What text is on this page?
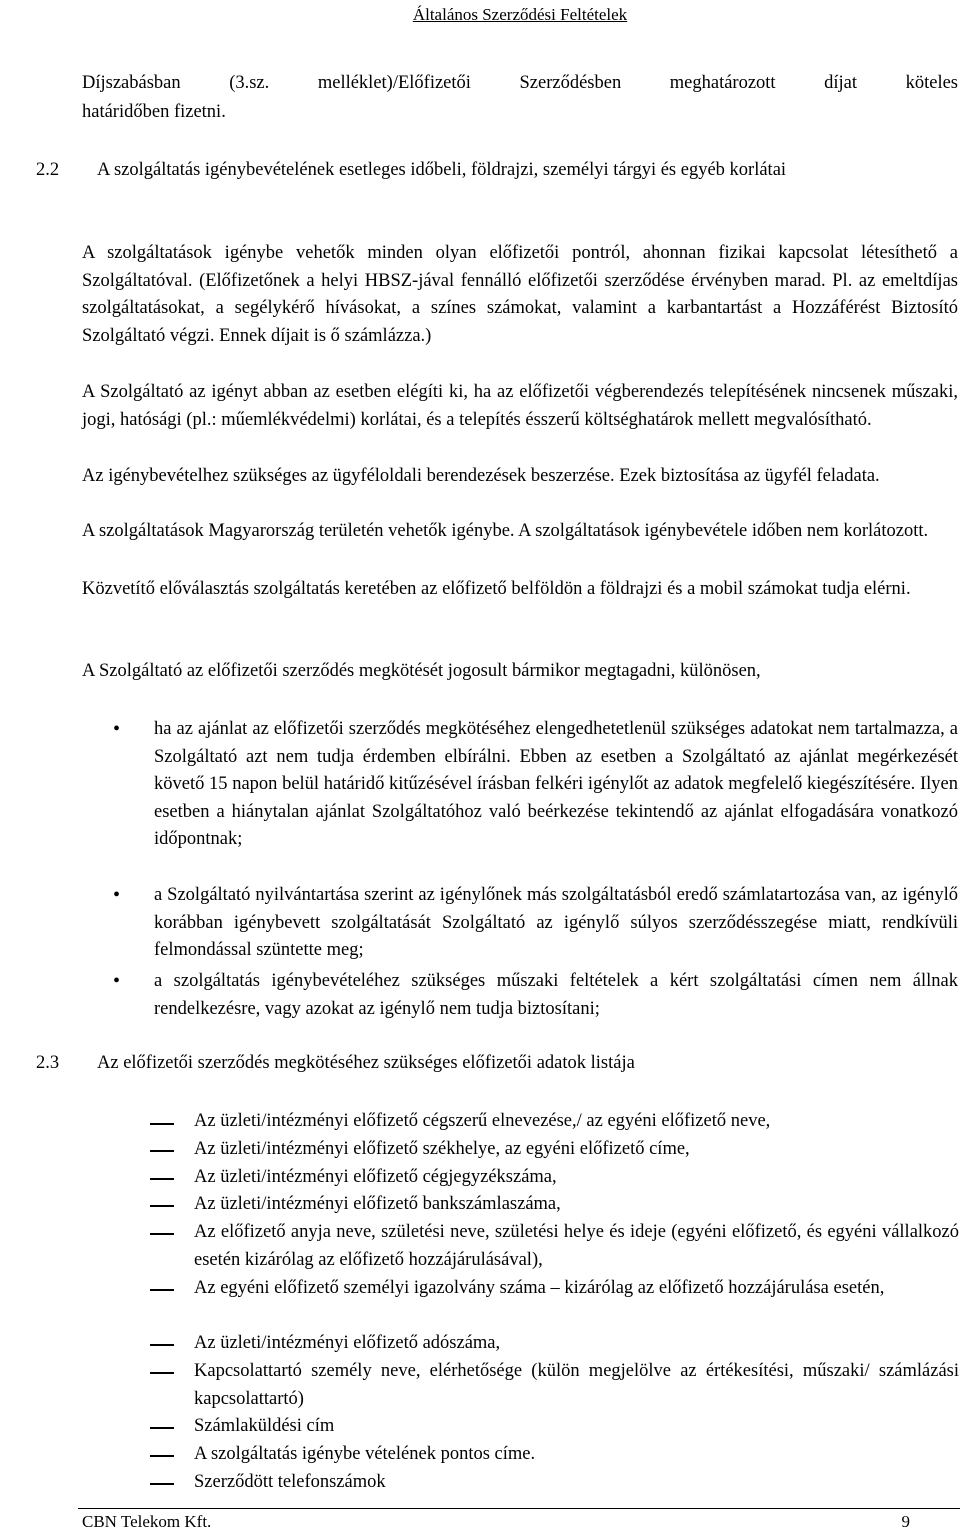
Általános Szerződési Feltételek
Díjszabásban (3.sz. melléklet)/Előfizetői Szerződésben meghatározott díjat köteles
határidőben fizetni.
2.2 A szolgáltatás igénybevételének esetleges időbeli, földrajzi, személyi tárgyi és egyéb korlátai
A szolgáltatások igénybe vehetők minden olyan előfizetői pontról, ahonnan fizikai kapcsolat létesíthető a Szolgáltatóval. (Előfizetőnek a helyi HBSZ-jával fennálló előfizetői szerződése érvényben marad. Pl. az emeltdíjas szolgáltatásokat, a segélykérő hívásokat, a színes számokat, valamint a karbantartást a Hozzáférést Biztosító Szolgáltató végzi. Ennek díjait is ő számlázza.)
A Szolgáltató az igényt abban az esetben elégíti ki, ha az előfizetői végberendezés telepítésének nincsenek műszaki, jogi, hatósági (pl.: műemlékvédelmi) korlátai, és a telepítés ésszerű költséghatárok mellett megvalósítható.
Az igénybevételhez szükséges az ügyféloldali berendezések beszerzése. Ezek biztosítása az ügyfél feladata.
A szolgáltatások Magyarország területén vehetők igénybe. A szolgáltatások igénybevétele időben nem korlátozott.
Közvetítő előválasztás szolgáltatás keretében az előfizető belföldön a földrajzi és a mobil számokat tudja elérni.
A Szolgáltató az előfizetői szerződés megkötését jogosult bármikor megtagadni, különösen,
• ha az ajánlat az előfizetői szerződés megkötéséhez elengedhetetlenül szükséges adatokat nem tartalmazza, a Szolgáltató azt nem tudja érdemben elbírálni. Ebben az esetben a Szolgáltató az ajánlat megérkezését követő 15 napon belül határidő kitűzésével írásban felkéri igénylőt az adatok megfelelő kiegészítésére. Ilyen esetben a hiánytalan ajánlat Szolgáltatóhoz való beérkezése tekintendő az ajánlat elfogadására vonatkozó időpontnak;
• a Szolgáltató nyilvántartása szerint az igénylőnek más szolgáltatásból eredő számlatartozása van, az igénylő korábban igénybevett szolgáltatását Szolgáltató az igénylő súlyos szerződésszegése miatt, rendkívüli felmondással szüntette meg;
• a szolgáltatás igénybevételéhez szükséges műszaki feltételek a kért szolgáltatási címen nem állnak rendelkezésre, vagy azokat az igénylő nem tudja biztosítani;
2.3 Az előfizetői szerződés megkötéséhez szükséges előfizetői adatok listája
Az üzleti/intézményi előfizető cégszerű elnevezése,/ az egyéni előfizető neve,
Az üzleti/intézményi előfizető székhelye, az egyéni előfizető címe,
Az üzleti/intézményi előfizető cégjegyzékszáma,
Az üzleti/intézményi előfizető bankszámlaszáma,
Az előfizető anyja neve, születési neve, születési helye és ideje (egyéni előfizető, és egyéni vállalkozó esetén kizárólag az előfizető hozzájárulásával),
Az egyéni előfizető személyi igazolvány száma – kizárólag az előfizető hozzájárulása esetén,
Az üzleti/intézményi előfizető adószáma,
Kapcsolattartó személy neve, elérhetősége (külön megjelölve az értékesítési, műszaki/ számlázási kapcsolattartó)
Számlaküldési cím
A szolgáltatás igénybe vételének pontos címe.
Szerződött telefonszámok
CBN Telekom Kft.	9
